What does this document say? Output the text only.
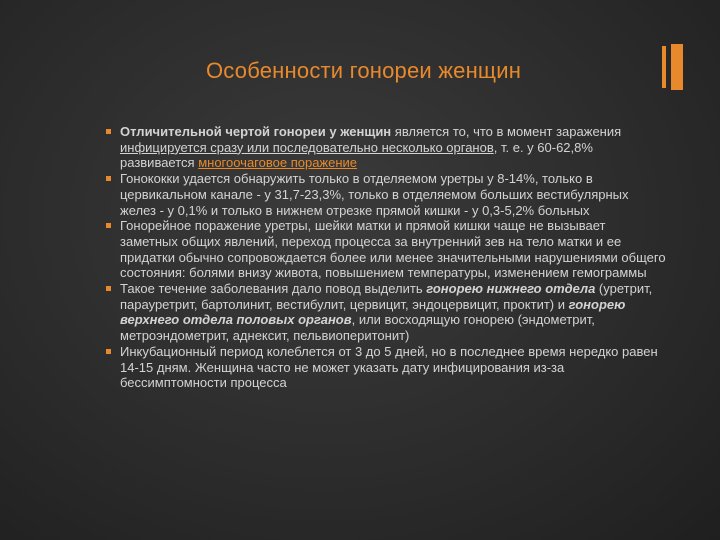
Особенности гонореи женщин
Отличительной чертой гонореи у женщин является то, что в момент заражения инфицируется сразу или последовательно несколько органов, т. е. у 60-62,8% развивается многоочаговое поражение
Гонококки удается обнаружить только в отделяемом уретры у 8-14%, только в цервикальном канале - у 31,7-23,3%, только в отделяемом больших вестибулярных желез - у 0,1% и только в нижнем отрезке прямой кишки - у 0,3-5,2% больных
Гонорейное поражение уретры, шейки матки и прямой кишки чаще не вызывает заметных общих явлений, переход процесса за внутренний зев на тело матки и ее придатки обычно сопровождается более или менее значительными нарушениями общего состояния: болями внизу живота, повышением температуры, изменением гемограммы
Такое течение заболевания дало повод выделить гонорею нижнего отдела (уретрит, парауретрит, бартолинит, вестибулит, цервицит, эндоцервицит, проктит) и гонорею верхнего отдела половых органов, или восходящую гонорею (эндометрит, метроэндометрит, аднексит, пельвиоперитонит)
Инкубационный период колеблется от 3 до 5 дней, но в последнее время нередко равен 14-15 дням. Женщина часто не может указать дату инфицирования из-за бессимптомности процесса
